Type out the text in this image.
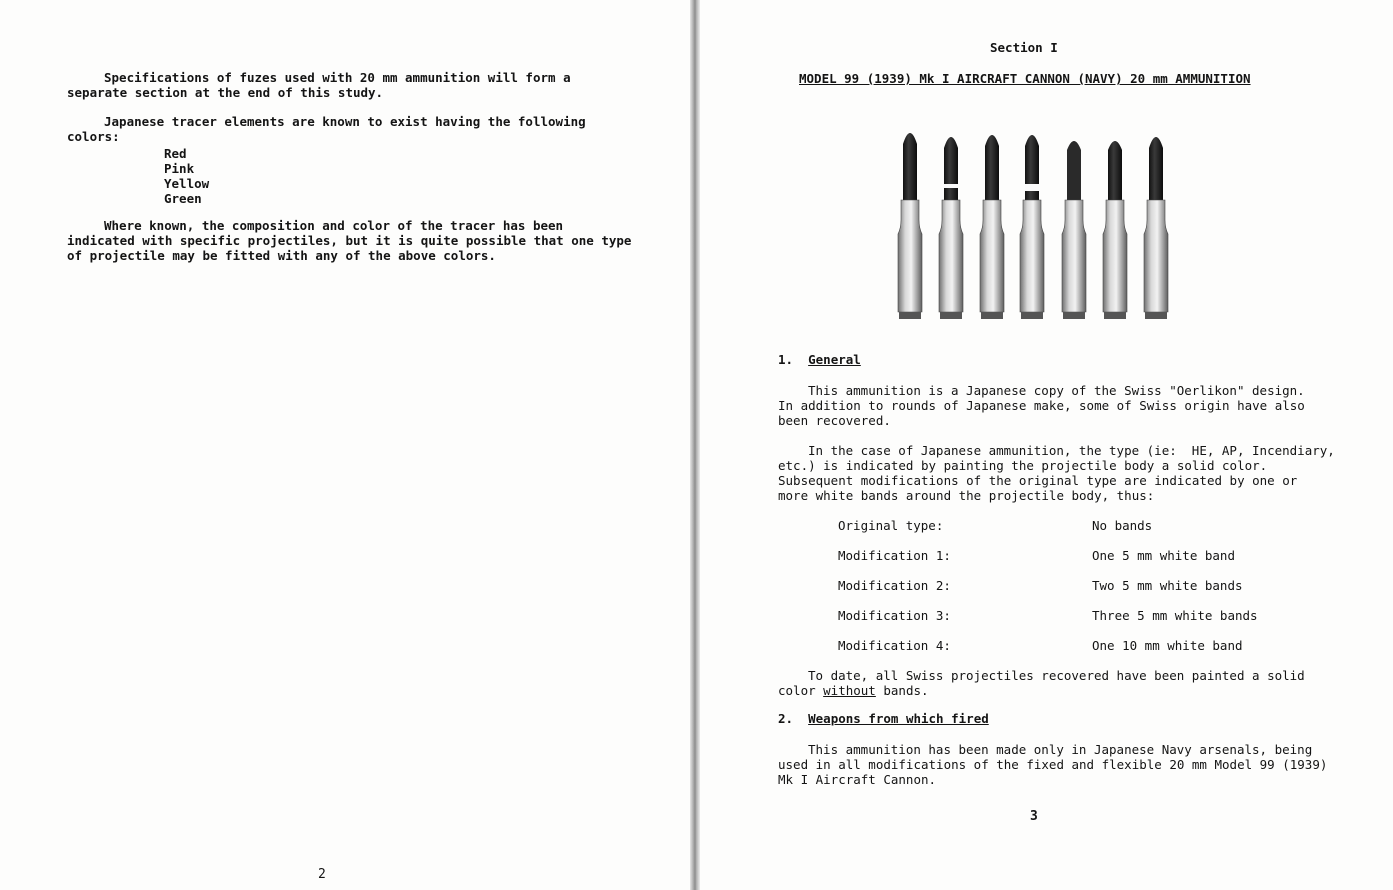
Specifications of fuzes used with 20 mm ammunition will form a
separate section at the end of this study.

Japanese tracer elements are known to exist having the following
colors:

Red
Pink
Yellow
Green

Where known, the composition and color of the tracer has been
indicated with specific projectiles, but it is quite possible that one type
of projectile may be fitted with any of the above colors.

2
Section I
MODEL 99 (1939) Mk I AIRCRAFT CANNON (NAVY) 20 mm AMMUNITION
1. General

This ammunition is a Japanese copy of the Swiss "Oerlikon" design.
In addition to rounds of Japanese make, some of Swiss origin have also
been recovered.

In the case of Japanese ammunition, the type (ie:  HE, AP, Incendiary,
etc.) is indicated by painting the projectile body a solid color.
Subsequent modifications of the original type are indicated by one or
more white bands around the projectile body, thus:

Original type:	No bands
Modification 1:	One 5 mm white band
Modification 2:	Two 5 mm white bands
Modification 3:	Three 5 mm white bands
Modification 4:	One 10 mm white band

To date, all Swiss projectiles recovered have been painted a solid
color without bands.

2. Weapons from which fired

This ammunition has been made only in Japanese Navy arsenals, being
used in all modifications of the fixed and flexible 20 mm Model 99 (1939)
Mk I Aircraft Cannon.

3
